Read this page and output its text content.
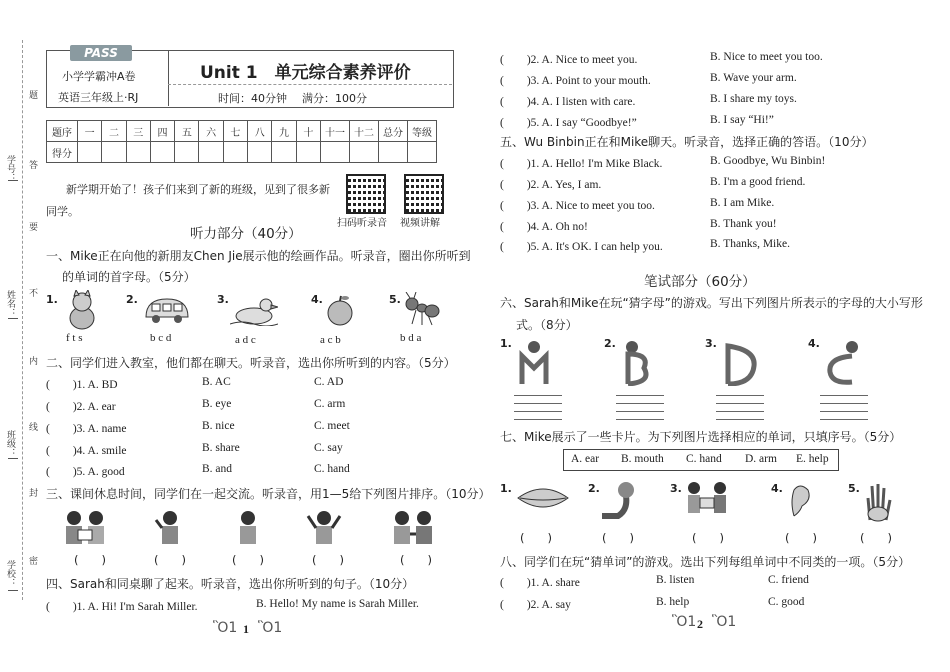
学号：
姓名：
班级：
学校：
题
答
要
不
内
线
封
密
PASS
小学学霸冲A卷
英语三年级上·RJ
Unit 1　单元综合素养评价
时间：40分钟 满分：100分
题序	一	二	三	四	五	六	七	八	九	十	十一	十二	总分	等级
得分														
新学期开始了！孩子们来到了新的班级，见到了很多新
同学。
扫码听录音 视频讲解
听力部分（40分）
一、Mike正在向他的新朋友Chen Jie展示他的绘画作品。听录音，圈出你所听到
的单词的首字母。（5分）
1.
f t s
2.
b c d
3.
a d c
4.
a c b
5.
b d a
二、同学们进入教室，他们都在聊天。听录音，选出你所听到的内容。（5分）
(　　)1. A. BD	B. AC	C. AD
(　　)2. A. ear	B. eye	C. arm
(　　)3. A. name	B. nice	C. meet
(　　)4. A. smile	B. share	C. say
(　　)5. A. good	B. and	C. hand
三、课间休息时间，同学们在一起交流。听录音，用1—5给下列图片排序。（10分）
(　　)	(　　)	(　　)	(　　)	(　　)
四、Sarah和同桌聊了起来。听录音，选出你所听到的句子。（10分）
(　　)1. A. Hi! I'm Sarah Miller.	B. Hello! My name is Sarah Miller.
Ὃ1 1 Ὃ1
(　　)2. A. Nice to meet you.	B. Nice to meet you too.
(　　)3. A. Point to your mouth.	B. Wave your arm.
(　　)4. A. I listen with care.	B. I share my toys.
(　　)5. A. I say “Goodbye!”	B. I say “Hi!”
五、Wu Binbin正在和Mike聊天。听录音，选择正确的答语。（10分）
(　　)1. A. Hello! I'm Mike Black.	B. Goodbye, Wu Binbin!
(　　)2. A. Yes, I am.	B. I'm a good friend.
(　　)3. A. Nice to meet you too.	B. I am Mike.
(　　)4. A. Oh no!	B. Thank you!
(　　)5. A. It's OK. I can help you.	B. Thanks, Mike.
笔试部分（60分）
六、Sarah和Mike在玩“猜字母”的游戏。写出下列图片所表示的字母的大小写形
式。（8分）
1.	2.	3.	4.
七、Mike展示了一些卡片。为下列图片选择相应的单词，只填序号。（5分）
A. ear B. mouth C. hand D. arm E. help
1.	2.	3.	4.	5.
(　　)	(　　)	(　　)	(　　)	(　　)
八、同学们在玩“猜单词”的游戏。选出下列每组单词中不同类的一项。（5分）
(　　)1. A. share	B. listen	C. friend
(　　)2. A. say	B. help	C. good
Ὃ1 2 Ὃ1
